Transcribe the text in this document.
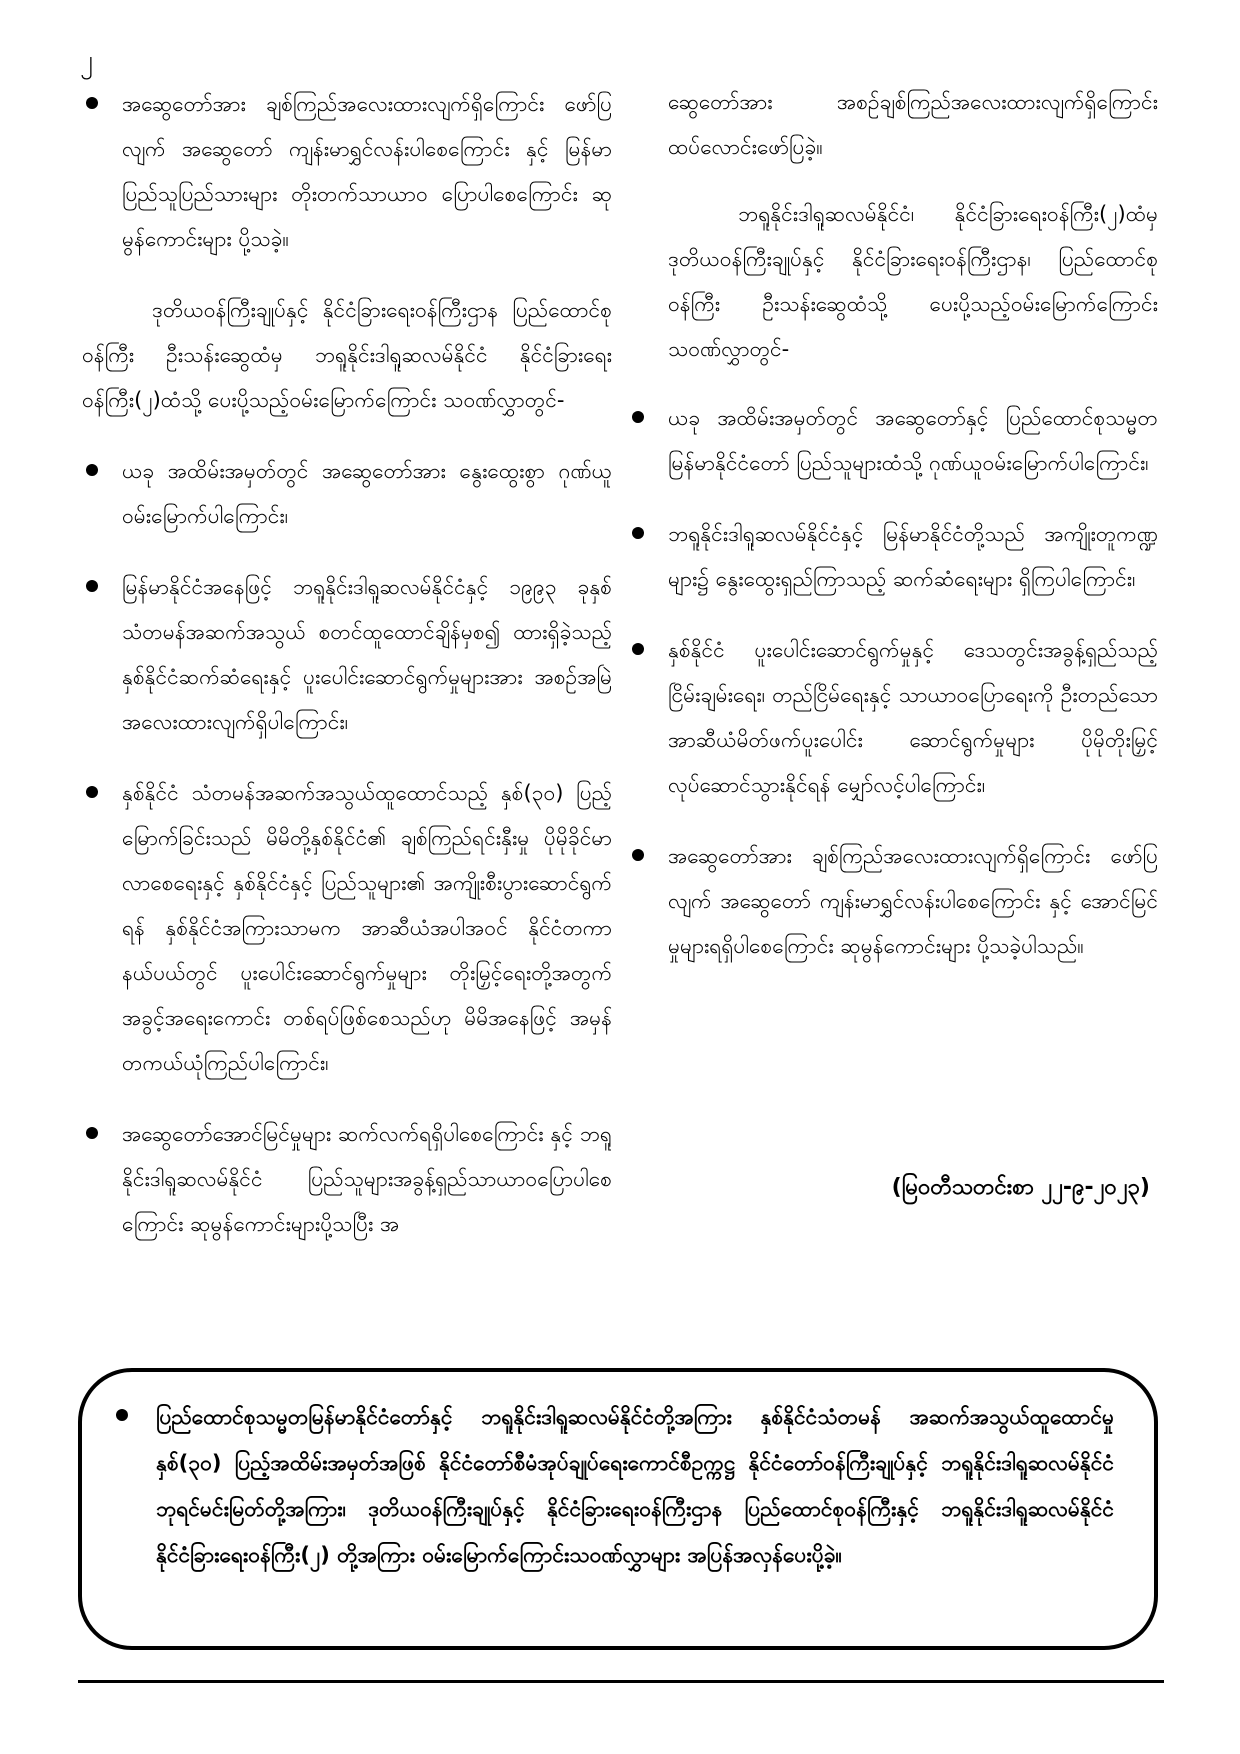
၂
အဆွေတော်အား ချစ်ကြည်အလေးထားလျက်ရှိကြောင်း ဖော်ပြလျက် အဆွေတော် ကျန်းမာရွှင်လန်းပါစေကြောင်း နှင့် မြန်မာပြည်သူပြည်သားများ တိုးတက်သာယာဝ ပြောပါစေကြောင်း ဆုမွန်ကောင်းများ ပို့သခဲ့။
ဒုတိယဝန်ကြီးချုပ်နှင့် နိုင်ငံခြားရေးဝန်ကြီးဌာန ပြည်ထောင်စုဝန်ကြီး ဦးသန်းဆွေထံမှ ဘရူနိုင်းဒါရူဆလမ်နိုင်ငံ နိုင်ငံခြားရေးဝန်ကြီး(၂)ထံသို့ ပေးပို့သည့်ဝမ်းမြောက်ကြောင်း သဝဏ်လွှာတွင်-
ယခု အထိမ်းအမှတ်တွင် အဆွေတော်အား နွေးထွေးစွာ ဂုဏ်ယူဝမ်းမြောက်ပါကြောင်း၊
မြန်မာနိုင်ငံအနေဖြင့် ဘရူနိုင်းဒါရူဆလမ်နိုင်ငံနှင့် ၁၉၉၃ ခုနှစ် သံတမန်အဆက်အသွယ် စတင်ထူထောင်ချိန်မှစ၍ ထားရှိခဲ့သည့် နှစ်နိုင်ငံဆက်ဆံရေးနှင့် ပူးပေါင်းဆောင်ရွက်မှုများအား အစဉ်အမြဲ အလေးထားလျက်ရှိပါကြောင်း၊
နှစ်နိုင်ငံ သံတမန်အဆက်အသွယ်ထူထောင်သည့် နှစ်(၃၀) ပြည့်မြောက်ခြင်းသည် မိမိတို့နှစ်နိုင်ငံ၏ ချစ်ကြည်ရင်းနှီးမှု ပိုမိုခိုင်မာလာစေရေးနှင့် နှစ်နိုင်ငံနှင့် ပြည်သူများ၏ အကျိုးစီးပွားဆောင်ရွက်ရန် နှစ်နိုင်ငံအကြားသာမက အာဆီယံအပါအဝင် နိုင်ငံတကာနယ်ပယ်တွင် ပူးပေါင်းဆောင်ရွက်မှုများ တိုးမြှင့်ရေးတို့အတွက် အခွင့်အရေးကောင်း တစ်ရပ်ဖြစ်စေသည်ဟု မိမိအနေဖြင့် အမှန်တကယ်ယုံကြည်ပါကြောင်း၊
အဆွေတော်အောင်မြင်မှုများ ဆက်လက်ရရှိပါစေကြောင်း နှင့် ဘရူနိုင်းဒါရူဆလမ်နိုင်ငံ ပြည်သူများအခွန့်ရှည်သာယာဝပြောပါစေကြောင်း ဆုမွန်ကောင်းများပို့သပြီး အ
ဆွေတော်အား အစဉ်ချစ်ကြည်အလေးထားလျက်ရှိကြောင်း ထပ်လောင်းဖော်ပြခဲ့။
ဘရူနိုင်းဒါရူဆလမ်နိုင်ငံ၊ နိုင်ငံခြားရေးဝန်ကြီး(၂)ထံမှ ဒုတိယဝန်ကြီးချုပ်နှင့် နိုင်ငံခြားရေးဝန်ကြီးဌာန၊ ပြည်ထောင်စုဝန်ကြီး ဦးသန်းဆွေထံသို့ ပေးပို့သည့်ဝမ်းမြောက်ကြောင်း သဝဏ်လွှာတွင်-
ယခု အထိမ်းအမှတ်တွင် အဆွေတော်နှင့် ပြည်ထောင်စုသမ္မတမြန်မာနိုင်ငံတော် ပြည်သူများထံသို့ ဂုဏ်ယူဝမ်းမြောက်ပါကြောင်း၊
ဘရူနိုင်းဒါရူဆလမ်နိုင်ငံနှင့် မြန်မာနိုင်ငံတို့သည် အကျိုးတူကဏ္ဍများ၌ နွေးထွေးရှည်ကြာသည့် ဆက်ဆံရေးများ ရှိကြပါကြောင်း၊
နှစ်နိုင်ငံ ပူးပေါင်းဆောင်ရွက်မှုနှင့် ဒေသတွင်းအခွန့်ရှည်သည့် ငြိမ်းချမ်းရေး၊ တည်ငြိမ်ရေးနှင့် သာယာဝပြောရေးကို ဦးတည်သော အာဆီယံမိတ်ဖက်ပူးပေါင်း ဆောင်ရွက်မှုများ ပိုမိုတိုးမြှင့်လုပ်ဆောင်သွားနိုင်ရန် မျှော်လင့်ပါကြောင်း၊
အဆွေတော်အား ချစ်ကြည်အလေးထားလျက်ရှိကြောင်း ဖော်ပြလျက် အဆွေတော် ကျန်းမာရွှင်လန်းပါစေကြောင်း နှင့် အောင်မြင်မှုများရရှိပါစေကြောင်း ဆုမွန်ကောင်းများ ပို့သခဲ့ပါသည်။
(မြဝတီသတင်းစာ ၂၂-၉-၂၀၂၃)
ပြည်ထောင်စုသမ္မတမြန်မာနိုင်ငံတော်နှင့် ဘရူနိုင်းဒါရူဆလမ်နိုင်ငံတို့အကြား နှစ်နိုင်ငံသံတမန် အဆက်အသွယ်ထူထောင်မှု နှစ်(၃၀) ပြည့်အထိမ်းအမှတ်အဖြစ် နိုင်ငံတော်စီမံအုပ်ချုပ်ရေးကောင်စီဥက္ကဋ္ဌ နိုင်ငံတော်ဝန်ကြီးချုပ်နှင့် ဘရူနိုင်းဒါရူဆလမ်နိုင်ငံ ဘုရင်မင်းမြတ်တို့အကြား၊ ဒုတိယဝန်ကြီးချုပ်နှင့် နိုင်ငံခြားရေးဝန်ကြီးဌာန ပြည်ထောင်စုဝန်ကြီးနှင့် ဘရူနိုင်းဒါရူဆလမ်နိုင်ငံ နိုင်ငံခြားရေးဝန်ကြီး(၂) တို့အကြား ဝမ်းမြောက်ကြောင်းသဝဏ်လွှာများ အပြန်အလှန်ပေးပို့ခဲ့။
